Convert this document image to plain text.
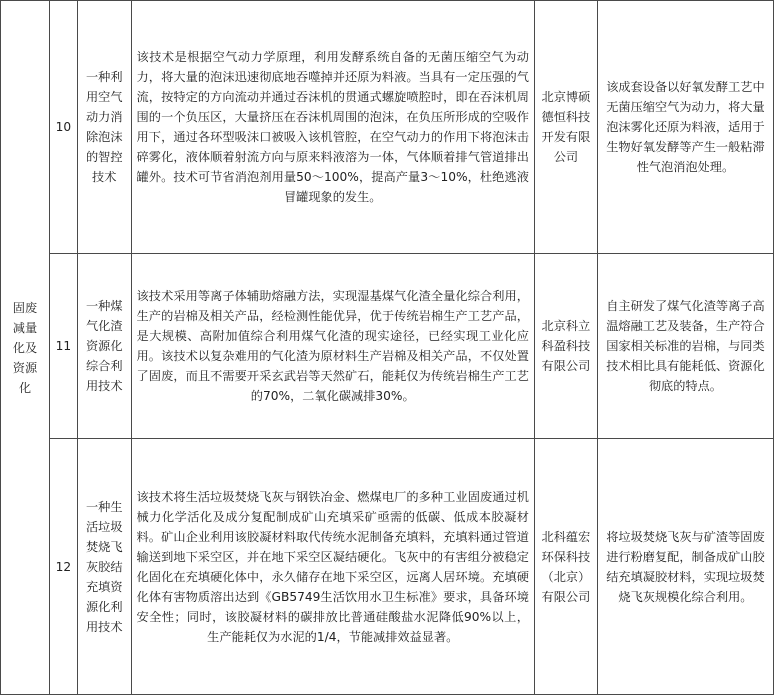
固废减量化及资源化	10	一种利用空气动力消除泡沫的智控技术	该技术是根据空气动力学原理，利用发酵系统自备的无菌压缩空气为动力，将大量的泡沫迅速彻底地吞噬掉并还原为料液。当具有一定压强的气流，按特定的方向流动并通过吞沫机的贯通式螺旋喷腔时，即在吞沫机周围的一个负压区，大量挤压在吞沫机周围的泡沫，在负压所形成的空吸作用下，通过各环型吸沫口被吸入该机管腔，在空气动力的作用下将泡沫击碎雾化，液体顺着射流方向与原来料液溶为一体，气体顺着排气管道排出罐外。技术可节省消泡剂用量50～100%，提高产量3～10%，杜绝逃液冒罐现象的发生。	北京博硕德恒科技开发有限公司	该成套设备以好氧发酵工艺中无菌压缩空气为动力，将大量泡沫雾化还原为料液，适用于生物好氧发酵等产生一般粘滞性气泡消泡处理。
	11	一种煤气化渣资源化综合利用技术	该技术采用等离子体辅助熔融方法，实现湿基煤气化渣全量化综合利用，生产的岩棉及相关产品，经检测性能优异，优于传统岩棉生产工艺产品，是大规模、高附加值综合利用煤气化渣的现实途径，已经实现工业化应用。该技术以复杂难用的气化渣为原材料生产岩棉及相关产品，不仅处置了固废，而且不需要开采玄武岩等天然矿石，能耗仅为传统岩棉生产工艺的70%，二氧化碳减排30%。	北京科立科盈科技有限公司	自主研发了煤气化渣等离子高温熔融工艺及装备，生产符合国家相关标准的岩棉，与同类技术相比具有能耗低、资源化彻底的特点。
	12	一种生活垃圾焚烧飞灰胶结充填资源化利用技术	该技术将生活垃圾焚烧飞灰与钢铁冶金、燃煤电厂的多种工业固废通过机械力化学活化及成分复配制成矿山充填采矿亟需的低碳、低成本胶凝材料。矿山企业利用该胶凝材料取代传统水泥制备充填料，充填料通过管道输送到地下采空区，并在地下采空区凝结硬化。飞灰中的有害组分被稳定化固化在充填硬化体中，永久储存在地下采空区，远离人居环境。充填硬化体有害物质溶出达到《GB5749生活饮用水卫生标准》要求，具备环境安全性；同时，该胶凝材料的碳排放比普通硅酸盐水泥降低90%以上，生产能耗仅为水泥的1/4，节能减排效益显著。	北科蕴宏环保科技（北京）有限公司	将垃圾焚烧飞灰与矿渣等固废进行粉磨复配，制备成矿山胶结充填凝胶材料，实现垃圾焚烧飞灰规模化综合利用。
